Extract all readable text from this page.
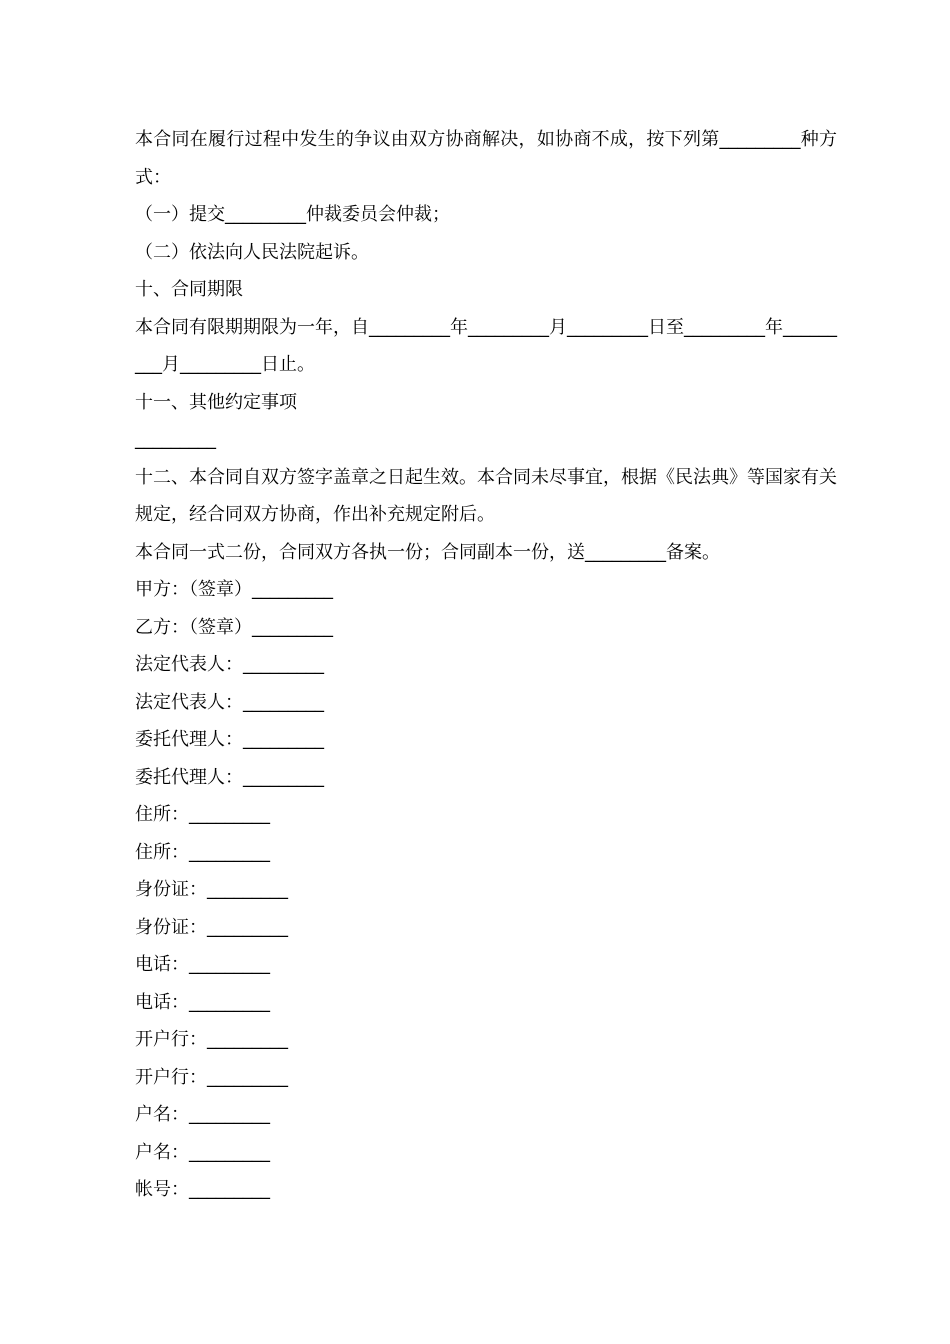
本合同在履行过程中发生的争议由双方协商解决，如协商不成，按下列第_________种方式：
（一）提交_________仲裁委员会仲裁；
（二）依法向人民法院起诉。
十、合同期限
本合同有限期期限为一年，自_________年_________月_________日至_________年_________月_________日止。
十一、其他约定事项
_________
十二、本合同自双方签字盖章之日起生效。本合同未尽事宜，根据《民法典》等国家有关规定，经合同双方协商，作出补充规定附后。
本合同一式二份，合同双方各执一份；合同副本一份，送_________备案。
甲方：（签章）_________
乙方：（签章）_________
法定代表人：_________
法定代表人：_________
委托代理人：_________
委托代理人：_________
住所：_________
住所：_________
身份证：_________
身份证：_________
电话：_________
电话：_________
开户行：_________
开户行：_________
户名：_________
户名：_________
帐号：_________
